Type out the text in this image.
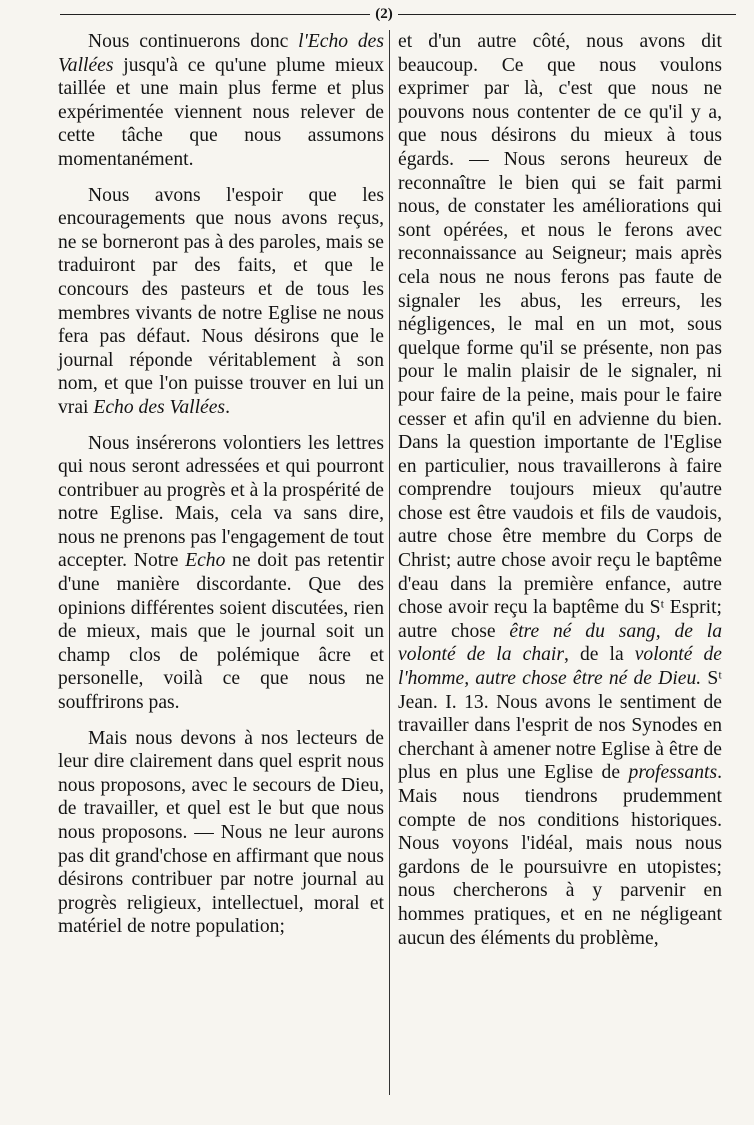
(2)

Nous continuerons donc l'Echo des Vallées jusqu'à ce qu'une plume mieux taillée et une main plus ferme et plus expérimentée viennent nous relever de cette tâche que nous assumons momentanément.

Nous avons l'espoir que les encouragements que nous avons reçus, ne se borneront pas à des paroles, mais se traduiront par des faits, et que le concours des pasteurs et de tous les membres vivants de notre Eglise ne nous fera pas défaut. Nous désirons que le journal réponde véritablement à son nom, et que l'on puisse trouver en lui un vrai Echo des Vallées.

Nous insérerons volontiers les lettres qui nous seront adressées et qui pourront contribuer au progrès et à la prospérité de notre Eglise. Mais, cela va sans dire, nous ne prenons pas l'engagement de tout accepter. Notre Echo ne doit pas retentir d'une manière discordante. Que des opinions différentes soient discutées, rien de mieux, mais que le journal soit un champ clos de polémique âcre et personelle, voilà ce que nous ne souffrirons pas.

Mais nous devons à nos lecteurs de leur dire clairement dans quel esprit nous nous proposons, avec le secours de Dieu, de travailler, et quel est le but que nous nous proposons. — Nous ne leur aurons pas dit grand'chose en affirmant que nous désirons contribuer par notre journal au progrès religieux, intellectuel, moral et matériel de notre population;

et d'un autre côté, nous avons dit beaucoup. Ce que nous voulons exprimer par là, c'est que nous ne pouvons nous contenter de ce qu'il y a, que nous désirons du mieux à tous égards. — Nous serons heureux de reconnaître le bien qui se fait parmi nous, de constater les améliorations qui sont opérées, et nous le ferons avec reconnaissance au Seigneur; mais après cela nous ne nous ferons pas faute de signaler les abus, les erreurs, les négligences, le mal en un mot, sous quelque forme qu'il se présente, non pas pour le malin plaisir de le signaler, ni pour faire de la peine, mais pour le faire cesser et afin qu'il en advienne du bien. Dans la question importante de l'Eglise en particulier, nous travaillerons à faire comprendre toujours mieux qu'autre chose est être vaudois et fils de vaudois, autre chose être membre du Corps de Christ; autre chose avoir reçu le baptême d'eau dans la première enfance, autre chose avoir reçu la baptême du Sᵗ Esprit; autre chose être né du sang, de la volonté de la chair, de la volonté de l'homme, autre chose être né de Dieu. Sᵗ Jean. I. 13. Nous avons le sentiment de travailler dans l'esprit de nos Synodes en cherchant à amener notre Eglise à être de plus en plus une Eglise de professants. Mais nous tiendrons prudemment compte de nos conditions historiques. Nous voyons l'idéal, mais nous nous gardons de le poursuivre en utopistes; nous chercherons à y parvenir en hommes pratiques, et en ne négligeant aucun des éléments du problème,
